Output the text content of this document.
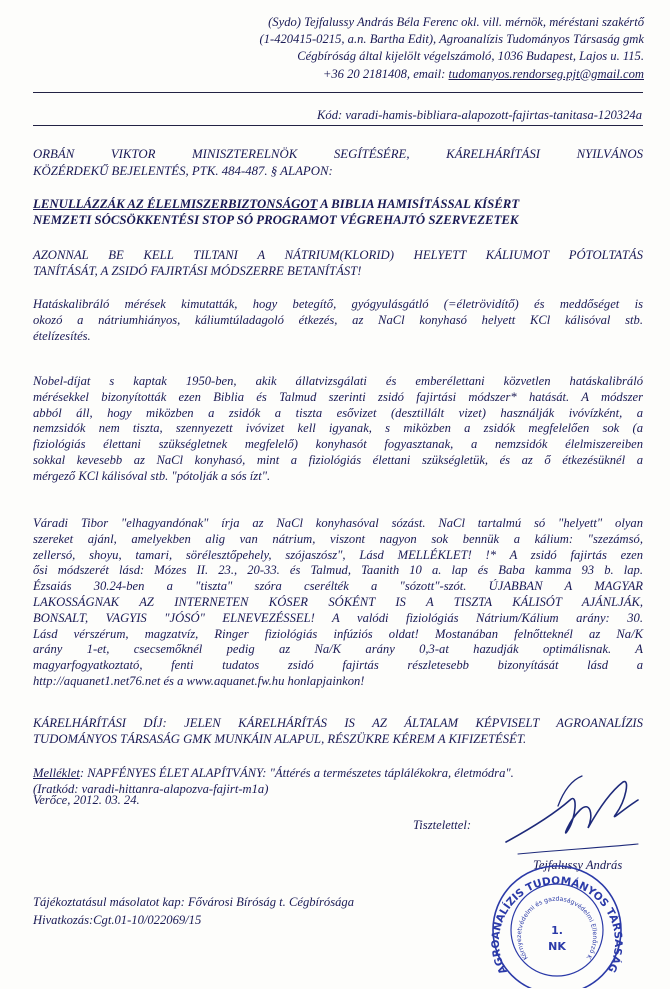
(Sydo) Tejfalussy András Béla Ferenc okl. vill. mérnök, méréstani szakértő
(1-420415-0215, a.n. Bartha Edit), Agroanalízis Tudományos Társaság gmk
Cégbíróság által kijelölt végelszámoló, 1036 Budapest, Lajos u. 115.
+36 20 2181408, email: tudomanyos.rendorseg.pjt@gmail.com
Kód: varadi-hamis-bibliara-alapozott-fajirtas-tanitasa-120324a
ORBÁN VIKTOR MINISZTERELNÖK SEGÍTÉSÉRE, KÁRELHÁRÍTÁSI NYILVÁNOS
KÖZÉRDEKŰ BEJELENTÉS, PTK. 484-487. § ALAPON:
LENULLÁZZÁK AZ ÉLELMISZERBIZTONSÁGOT A BIBLIA HAMISÍTÁSSAL KÍSÉRT
NEMZETI SÓCSÖKKENTÉSI STOP SÓ PROGRAMOT VÉGREHAJTÓ SZERVEZETEK
AZONNAL BE KELL TILTANI A NÁTRIUM(KLORID) HELYETT KÁLIUMOT PÓTOLTATÁS
TANÍTÁSÁT, A ZSIDÓ FAJIRTÁSI MÓDSZERRE BETANÍTÁST!
Hatáskalibráló mérések kimutatták, hogy betegítő, gyógyulásgátló (=életrövidítő) és meddőséget is
okozó a nátriumhiányos, káliumtúladagoló étkezés, az NaCl konyhasó helyett KCl kálisóval stb.
ételízesítés.
Nobel-díjat s kaptak 1950-ben, akik állatvizsgálati és emberélettani közvetlen hatáskalibráló
mérésekkel bizonyították ezen Biblia és Talmud szerinti zsidó fajirtási módszer* hatását. A módszer
abból áll, hogy miközben a zsidók a tiszta esővizet (desztillált vizet) használják ivóvízként, a
nemzsidók nem tiszta, szennyezett ivóvizet kell igyanak, s miközben a zsidók megfelelően sok (a
fiziológiás élettani szükségletnek megfelelő) konyhasót fogyasztanak, a nemzsidók élelmiszereiben
sokkal kevesebb az NaCl konyhasó, mint a fiziológiás élettani szükségletük, és az ő étkezésüknél a
mérgező KCl kálisóval stb. "pótolják a sós ízt".
Váradi Tibor "elhagyandónak" írja az NaCl konyhasóval sózást. NaCl tartalmú só "helyett" olyan
szereket ajánl, amelyekben alig van nátrium, viszont nagyon sok bennük a kálium: "szezámsó,
zellersó, shoyu, tamari, sörélesztőpehely, szójaszósz", Lásd MELLÉKLET! !* A zsidó fajirtás ezen
ősi módszerét lásd: Mózes II. 23., 20-33. és Talmud, Taanith 10 a. lap és Baba kamma 93 b. lap.
Ézsaiás 30.24-ben a "tiszta" szóra cserélték a "sózott"-szót. ÚJABBAN A MAGYAR
LAKOSSÁGNAK AZ INTERNETEN KÓSER SÓKÉNT IS A TISZTA KÁLISÓT AJÁNLJÁK,
BONSALT, VAGYIS "JÓSÓ" ELNEVEZÉSSEL! A valódi fiziológiás Nátrium/Kálium arány: 30.
Lásd vérszérum, magzatvíz, Ringer fiziológiás infúziós oldat! Mostanában felnőtteknél az Na/K
arány 1-et, csecsemőknél pedig az Na/K arány 0,3-at hazudják optimálisnak. A
magyarfogyatkoztató, fenti tudatos zsidó fajirtás részletesebb bizonyítását lásd a
http://aquanet1.net76.net és a www.aquanet.fw.hu honlapjainkon!
KÁRELHÁRÍTÁSI DÍJ: JELEN KÁRELHÁRÍTÁS IS AZ ÁLTALAM KÉPVISELT AGROANALÍZIS
TUDOMÁNYOS TÁRSASÁG GMK MUNKÁIN ALAPUL, RÉSZÜKRE KÉREM A KIFIZETÉSÉT.
Melléklet: NAPFÉNYES ÉLET ALAPÍTVÁNY: "Áttérés a természetes táplálékokra, életmódra".
(Iratkód: varadi-hittanra-alapozva-fajirt-m1a)
Verőce, 2012. 03. 24.
Tisztelettel:
Tejfalussy András
AGROANALÍZIS TUDOMÁNYOS TÁRSASÁG
Környezetvédelmi és gazdaságvédelmi Ellenőrző K
1.
NK
Tájékoztatásul másolatot kap: Fővárosi Bíróság t. Cégbírósága
Hivatkozás:Cgt.01-10/022069/15
